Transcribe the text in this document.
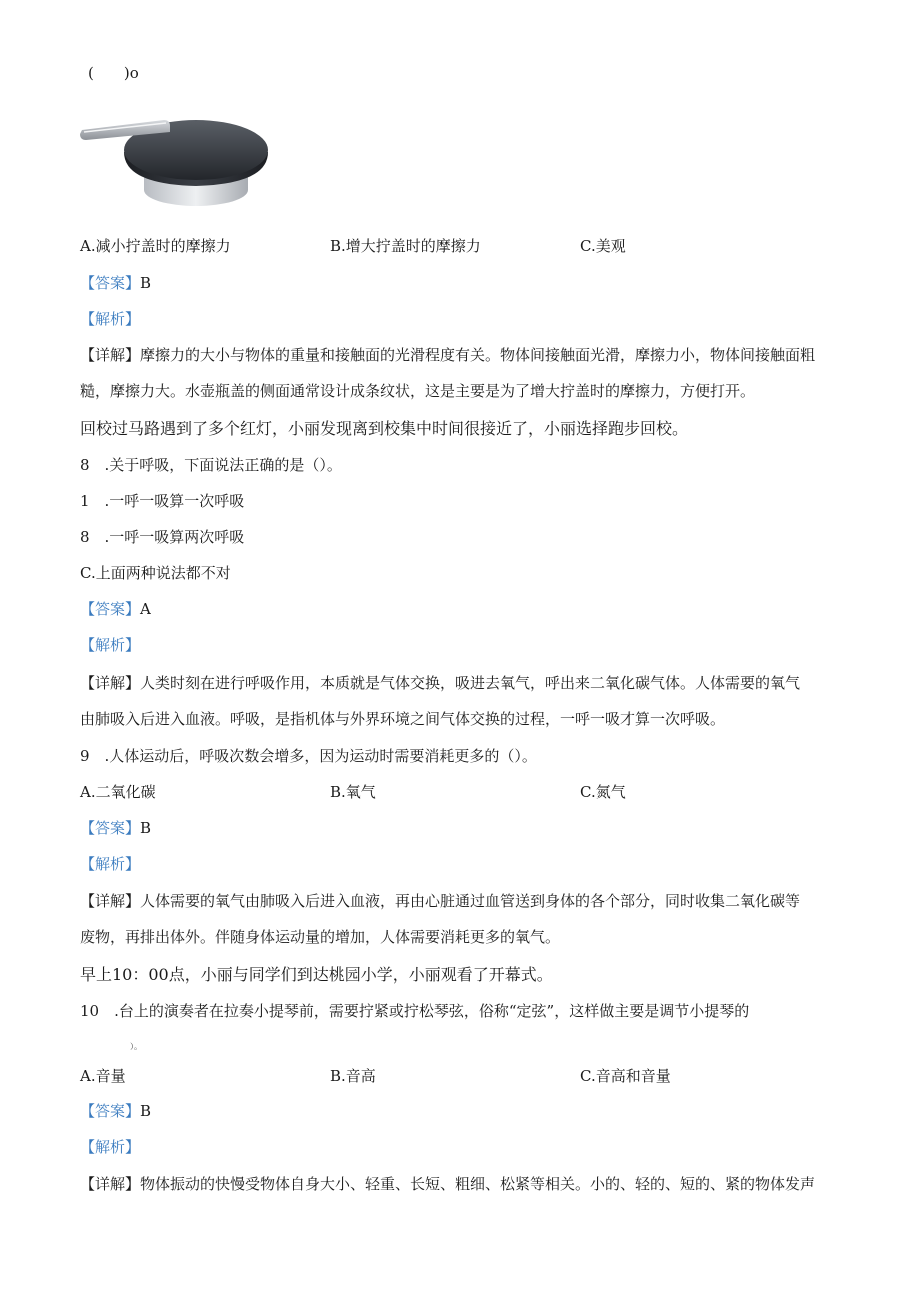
(　　)o
A.减小拧盖时的摩擦力	B.增大拧盖时的摩擦力	C.美观
【答案】B
【解析】
【详解】摩擦力的大小与物体的重量和接触面的光滑程度有关。物体间接触面光滑，摩擦力小，物体间接触面粗
糙，摩擦力大。水壶瓶盖的侧面通常设计成条纹状，这是主要是为了增大拧盖时的摩擦力，方便打开。
回校过马路遇到了多个红灯，小丽发现离到校集中时间很接近了，小丽选择跑步回校。
8　.关于呼吸，下面说法正确的是（）。
1　.一呼一吸算一次呼吸
8　.一呼一吸算两次呼吸
C.上面两种说法都不对
【答案】A
【解析】
【详解】人类时刻在进行呼吸作用，本质就是气体交换，吸进去氧气，呼出来二氧化碳气体。人体需要的氧气
由肺吸入后进入血液。呼吸，是指机体与外界环境之间气体交换的过程，一呼一吸才算一次呼吸。
9　.人体运动后，呼吸次数会增多，因为运动时需要消耗更多的（）。
A.二氧化碳	B.氧气	C.氮气
【答案】B
【解析】
【详解】人体需要的氧气由肺吸入后进入血液，再由心脏通过血管送到身体的各个部分，同时收集二氧化碳等
废物，再排出体外。伴随身体运动量的增加，人体需要消耗更多的氧气。
早上10：00点，小丽与同学们到达桃园小学，小丽观看了开幕式。
10　.台上的演奏者在拉奏小提琴前，需要拧紧或拧松琴弦，俗称“定弦”，这样做主要是调节小提琴的
）。
A.音量	B.音高	C.音高和音量
【答案】B
【解析】
【详解】物体振动的快慢受物体自身大小、轻重、长短、粗细、松紧等相关。小的、轻的、短的、紧的物体发声
